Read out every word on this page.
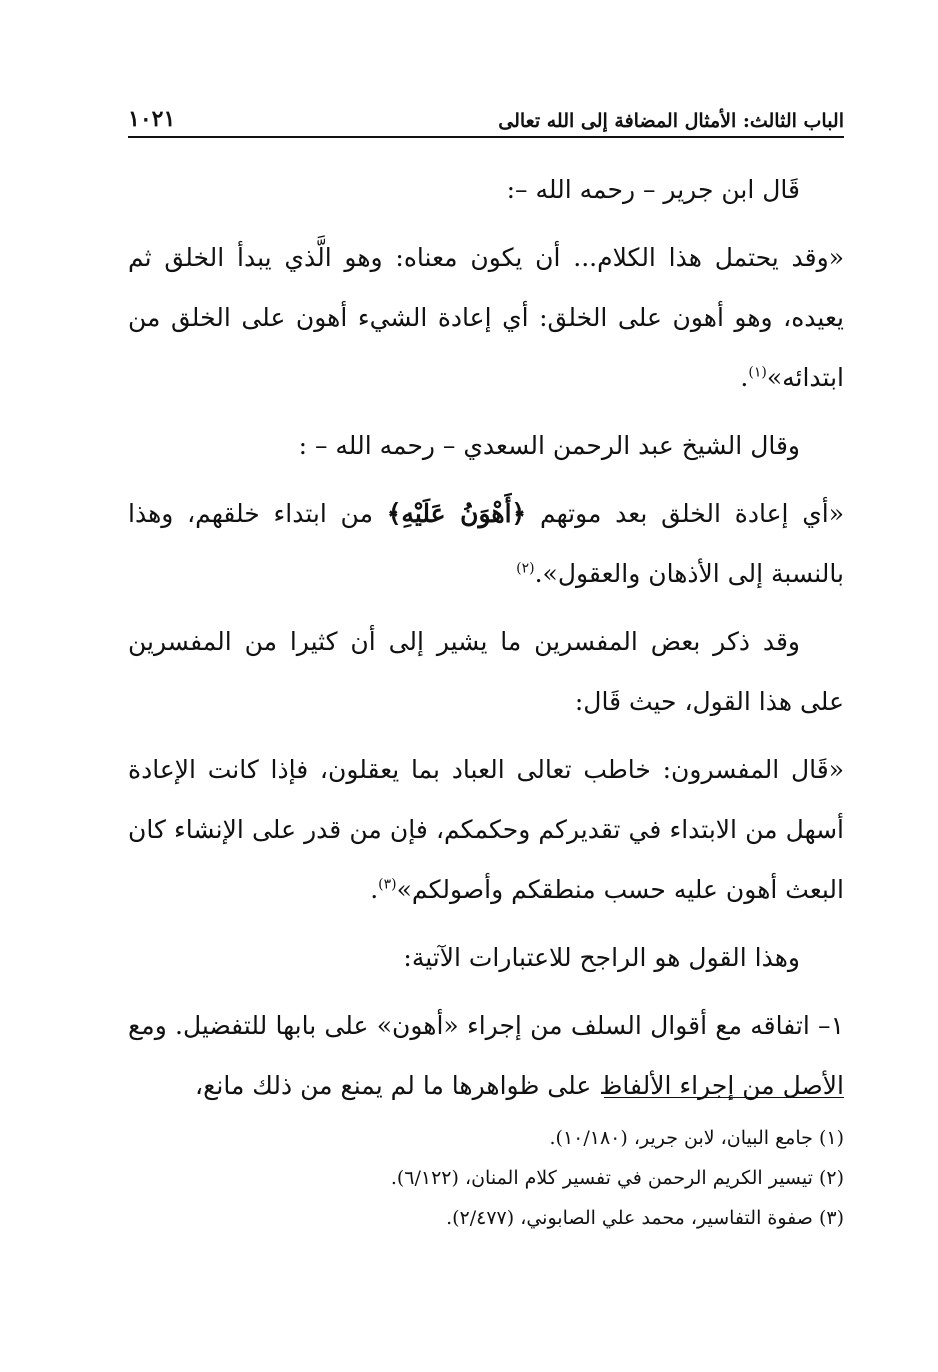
الباب الثالث: الأمثال المضافة إلى الله تعالى
١٠٢١

قَال ابن جرير – رحمه الله –:

«وقد يحتمل هذا الكلام... أن يكون معناه: وهو الَّذي يبدأ الخلق ثم يعيده، وهو أهون على الخلق: أي إعادة الشيء أهون على الخلق من ابتدائه»$^{(١)}$.

وقال الشيخ عبد الرحمن السعدي – رحمه الله – :

«أي إعادة الخلق بعد موتهم ﴿أَهْوَنُ عَلَيْهِ﴾ من ابتداء خلقهم، وهذا بالنسبة إلى الأذهان والعقول».$^{(٢)}$

وقد ذكر بعض المفسرين ما يشير إلى أن كثيرا من المفسرين على هذا القول، حيث قَال:

«قَال المفسرون: خاطب تعالى العباد بما يعقلون، فإذا كانت الإعادة أسهل من الابتداء في تقديركم وحكمكم، فإن من قدر على الإنشاء كان البعث أهون عليه حسب منطقكم وأصولكم»$^{(٣)}$.

وهذا القول هو الراجح للاعتبارات الآتية:

١– اتفاقه مع أقوال السلف من إجراء «أهون» على بابها للتفضيل. ومع الأصل من إجراء الألفاظ على ظواهرها ما لم يمنع من ذلك مانع،

(١) جامع البيان، لابن جرير، (١٠/١٨٠).
(٢) تيسير الكريم الرحمن في تفسير كلام المنان، (٦/١٢٢).
(٣) صفوة التفاسير، محمد علي الصابوني، (٢/٤٧٧).
